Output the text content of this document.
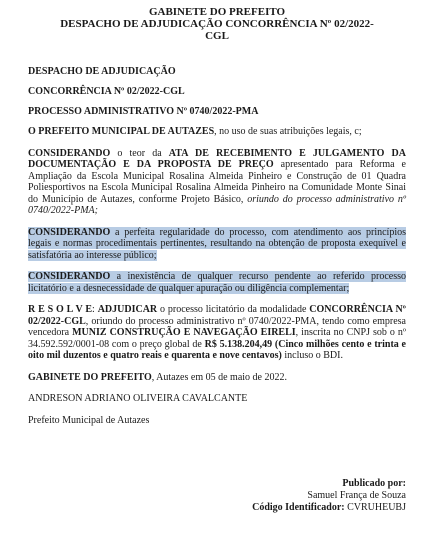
GABINETE DO PREFEITO
DESPACHO DE ADJUDICAÇÃO CONCORRÊNCIA Nº 02/2022-
CGL
DESPACHO DE ADJUDICAÇÃO
CONCORRÊNCIA Nº 02/2022-CGL
PROCESSO ADMINISTRATIVO Nº 0740/2022-PMA
O PREFEITO MUNICIPAL DE AUTAZES, no uso de suas atribuições legais, c;
CONSIDERANDO o teor da ATA DE RECEBIMENTO E JULGAMENTO DA DOCUMENTAÇÃO E DA PROPOSTA DE PREÇO apresentado para Reforma e Ampliação da Escola Municipal Rosalina Almeida Pinheiro e Construção de 01 Quadra Poliesportivos na Escola Municipal Rosalina Almeida Pinheiro na Comunidade Monte Sinai do Município de Autazes, conforme Projeto Básico, oriundo do processo administrativo nº 0740/2022-PMA;
CONSIDERANDO a perfeita regularidade do processo, com atendimento aos princípios legais e normas procedimentais pertinentes, resultando na obtenção de proposta exequível e satisfatória ao interesse público;
CONSIDERANDO a inexistência de qualquer recurso pendente ao referido processo licitatório e a desnecessidade de qualquer apuração ou diligência complementar;
R E S O L V E: ADJUDICAR o processo licitatório da modalidade CONCORRÊNCIA Nº 02/2022-CGL, oriundo do processo administrativo nº 0740/2022-PMA, tendo como empresa vencedora MUNIZ CONSTRUÇÃO E NAVEGAÇÃO EIRELI, inscrita no CNPJ sob o nº 34.592.592/0001-08 com o preço global de R$ 5.138.204,49 (Cinco milhões cento e trinta e oito mil duzentos e quatro reais e quarenta e nove centavos) incluso o BDI.
GABINETE DO PREFEITO, Autazes em 05 de maio de 2022.
ANDRESON ADRIANO OLIVEIRA CAVALCANTE
Prefeito Municipal de Autazes
Publicado por:
Samuel França de Souza
Código Identificador: CVRUHEUBJ
